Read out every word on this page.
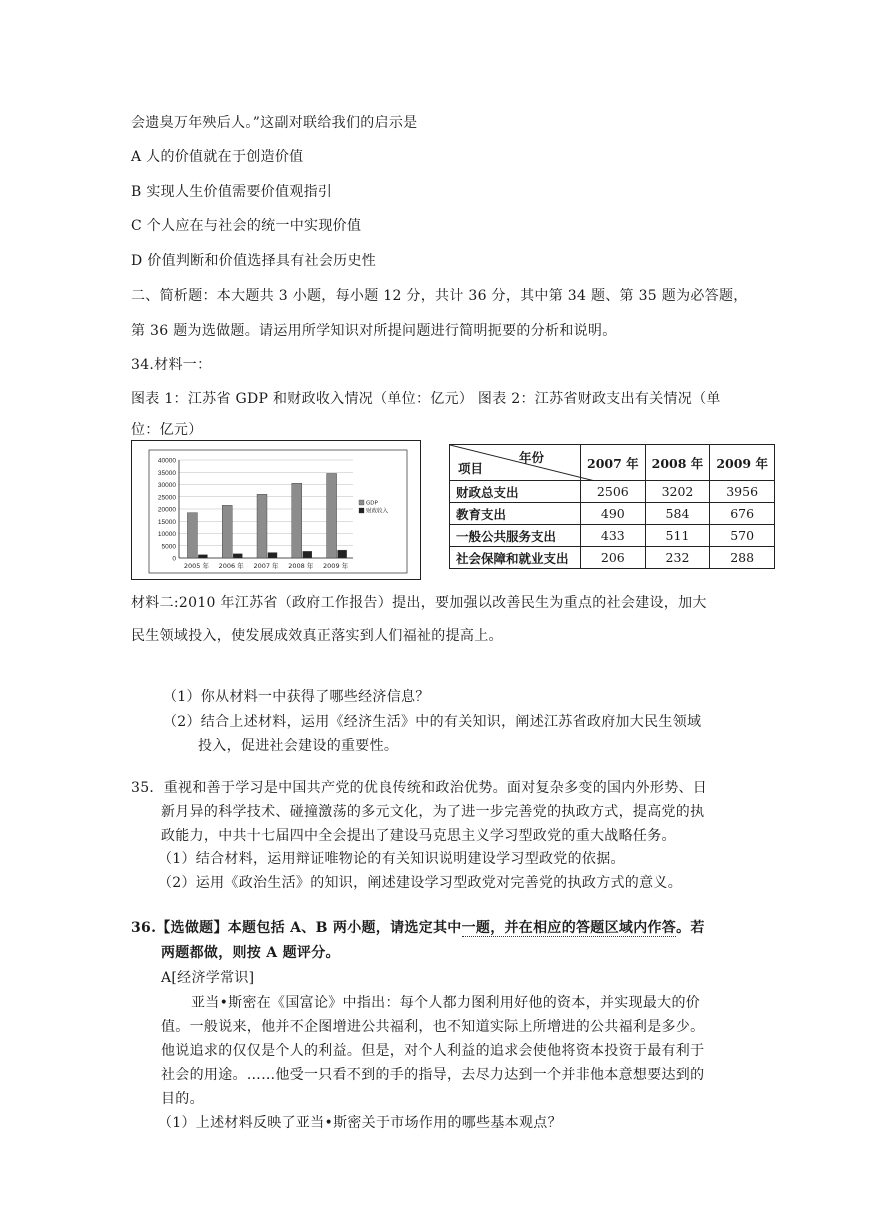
会遗臭万年殃后人。”这副对联给我们的启示是
A 人的价值就在于创造价值
B 实现人生价值需要价值观指引
C 个人应在与社会的统一中实现价值
D 价值判断和价值选择具有社会历史性
二、简析题：本大题共 3 小题，每小题 12 分，共计 36 分，其中第 34 题、第 35 题为必答题，
第 36 题为选做题。请运用所学知识对所提问题进行简明扼要的分析和说明。
34.材料一：
图表 1：江苏省 GDP 和财政收入情况（单位：亿元） 图表 2：江苏省财政支出有关情况（单
位：亿元）
0
5000
10000
15000
20000
25000
30000
35000
40000
2005 年 2006 年 2007 年 2008 年 2009 年
GDP
财政收入
年份
项目	2007 年	2008 年	2009 年
财政总支出	2506	3202	3956
教育支出	490	584	676
一般公共服务支出	433	511	570
社会保障和就业支出	206	232	288
材料二:2010 年江苏省（政府工作报告）提出，要加强以改善民生为重点的社会建设，加大
民生领域投入，使发展成效真正落实到人们福祉的提高上。
（1）你从材料一中获得了哪些经济信息？
（2）结合上述材料，运用《经济生活》中的有关知识，阐述江苏省政府加大民生领域
投入，促进社会建设的重要性。
35．重视和善于学习是中国共产党的优良传统和政治优势。面对复杂多变的国内外形势、日
新月异的科学技术、碰撞激荡的多元文化，为了进一步完善党的执政方式，提高党的执
政能力，中共十七届四中全会提出了建设马克思主义学习型政党的重大战略任务。
（1）结合材料，运用辩证唯物论的有关知识说明建设学习型政党的依据。
（2）运用《政治生活》的知识，阐述建设学习型政党对完善党的执政方式的意义。
36.【选做题】本题包括 A、B 两小题，请选定其中一题，并在相应的答题区域内作答。若
两题都做，则按 A 题评分。
A[经济学常识]
亚当•斯密在《国富论》中指出：每个人都力图利用好他的资本，并实现最大的价
值。一般说来，他并不企图增进公共福利，也不知道实际上所增进的公共福利是多少。
他说追求的仅仅是个人的利益。但是，对个人利益的追求会使他将资本投资于最有利于
社会的用途。……他受一只看不到的手的指导，去尽力达到一个并非他本意想要达到的
目的。
（1）上述材料反映了亚当•斯密关于市场作用的哪些基本观点？
